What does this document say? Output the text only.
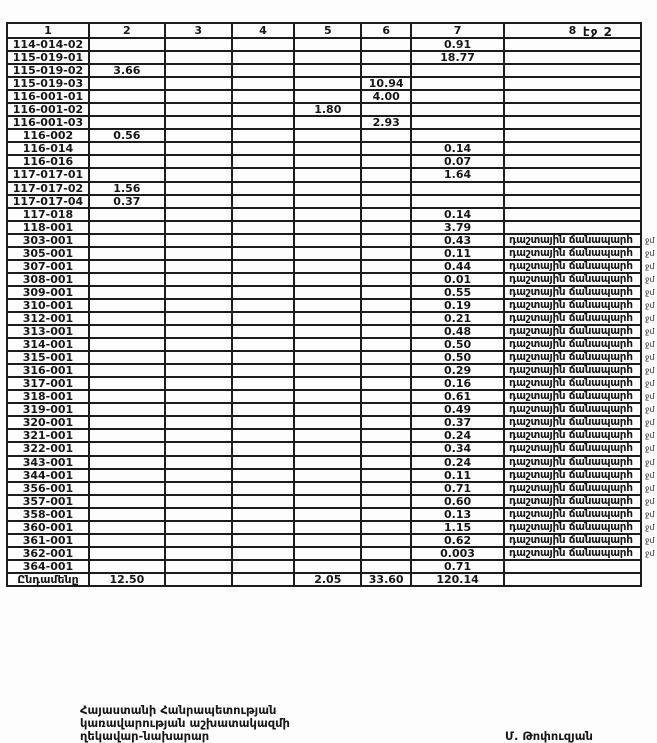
էջ 2
1	2	3	4	5	6	7	8	
114-014-02						0.91		
115-019-01						18.77		
115-019-02	3.66							
115-019-03					10.94			
116-001-01					4.00			
116-001-02				1.80				
116-001-03					2.93			
116-002	0.56							
116-014						0.14		
116-016						0.07		
117-017-01						1.64		
117-017-02	1.56							
117-017-04	0.37							
117-018						0.14		
118-001						3.79		
303-001						0.43	դաշտային ճանապարհ	ջմ
305-001						0.11	դաշտային ճանապարհ	ջմ
307-001						0.44	դաշտային ճանապարհ	ջմ
308-001						0.01	դաշտային ճանապարհ	ջմ
309-001						0.55	դաշտային ճանապարհ	ջմ
310-001						0.19	դաշտային ճանապարհ	ջմ
312-001						0.21	դաշտային ճանապարհ	ջմ
313-001						0.48	դաշտային ճանապարհ	ջմ
314-001						0.50	դաշտային ճանապարհ	ջմ
315-001						0.50	դաշտային ճանապարհ	ջմ
316-001						0.29	դաշտային ճանապարհ	ջմ
317-001						0.16	դաշտային ճանապարհ	ջմ
318-001						0.61	դաշտային ճանապարհ	ջմ
319-001						0.49	դաշտային ճանապարհ	ջմ
320-001						0.37	դաշտային ճանապարհ	ջմ
321-001						0.24	դաշտային ճանապարհ	ջմ
322-001						0.34	դաշտային ճանապարհ	ջմ
343-001						0.24	դաշտային ճանապարհ	ջմ
344-001						0.11	դաշտային ճանապարհ	ջմ
356-001						0.71	դաշտային ճանապարհ	ջմ
357-001						0.60	դաշտային ճանապարհ	ջմ
358-001						0.13	դաշտային ճանապարհ	ջմ
360-001						1.15	դաշտային ճանապարհ	ջմ
361-001						0.62	դաշտային ճանապարհ	ջմ
362-001						0.003	դաշտային ճանապարհ	ջմ
364-001						0.71		
Ընդամենը	12.50			2.05	33.60	120.14		
Հայաստանի Հանրապետության
կառավարության աշխատակազմի
ղեկավար-նախարար	Մ. Թոփուզյան
